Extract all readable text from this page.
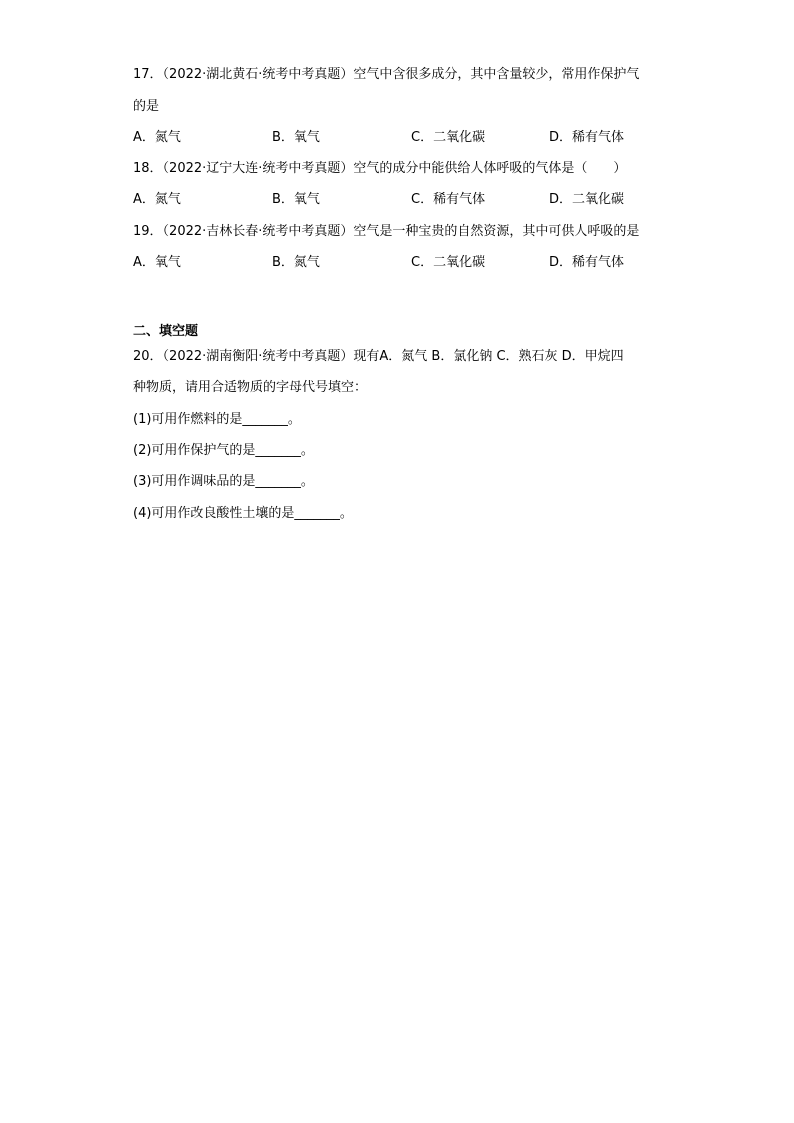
17．（2022·湖北黄石·统考中考真题）空气中含很多成分，其中含量较少，常用作保护气
的是
A．氮气	B．氧气	C．二氧化碳	D．稀有气体
18．（2022·辽宁大连·统考中考真题）空气的成分中能供给人体呼吸的气体是（　　）
A．氮气	B．氧气	C．稀有气体	D．二氧化碳
19．（2022·吉林长春·统考中考真题）空气是一种宝贵的自然资源，其中可供人呼吸的是
A．氧气	B．氮气	C．二氧化碳	D．稀有气体
二、填空题
20．（2022·湖南衡阳·统考中考真题）现有A．氮气 B．氯化钠 C．熟石灰 D．甲烷四
种物质，请用合适物质的字母代号填空：
(1)可用作燃料的是_______。
(2)可用作保护气的是_______。
(3)可用作调味品的是_______。
(4)可用作改良酸性土壤的是_______。
